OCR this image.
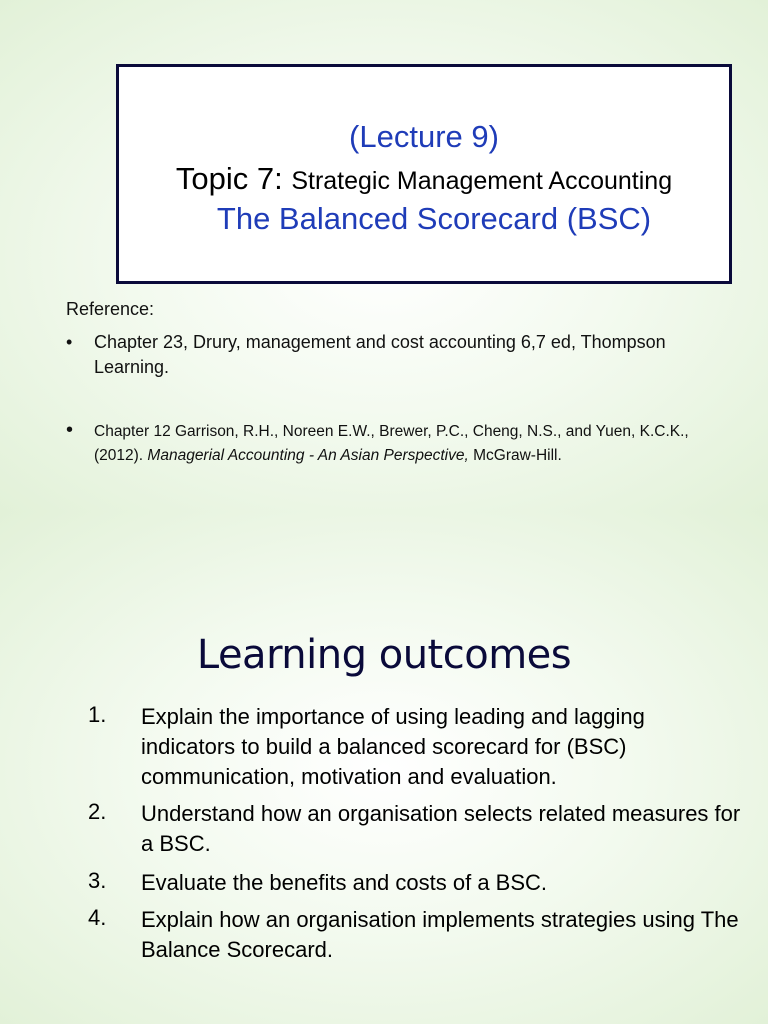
(Lecture 9)
Topic 7: Strategic Management Accounting
The Balanced Scorecard (BSC)
Reference:
• Chapter 23, Drury, management and cost accounting 6,7 ed, Thompson Learning.
• Chapter 12 Garrison, R.H., Noreen E.W., Brewer, P.C., Cheng, N.S., and Yuen, K.C.K., (2012). Managerial Accounting - An Asian Perspective, McGraw-Hill.
Learning outcomes
1. Explain the importance of using leading and lagging indicators to build a balanced scorecard for (BSC) communication, motivation and evaluation.
2. Understand how an organisation selects related measures for a BSC.
3. Evaluate the benefits and costs of a BSC.
4. Explain how an organisation implements strategies using The Balance Scorecard.
